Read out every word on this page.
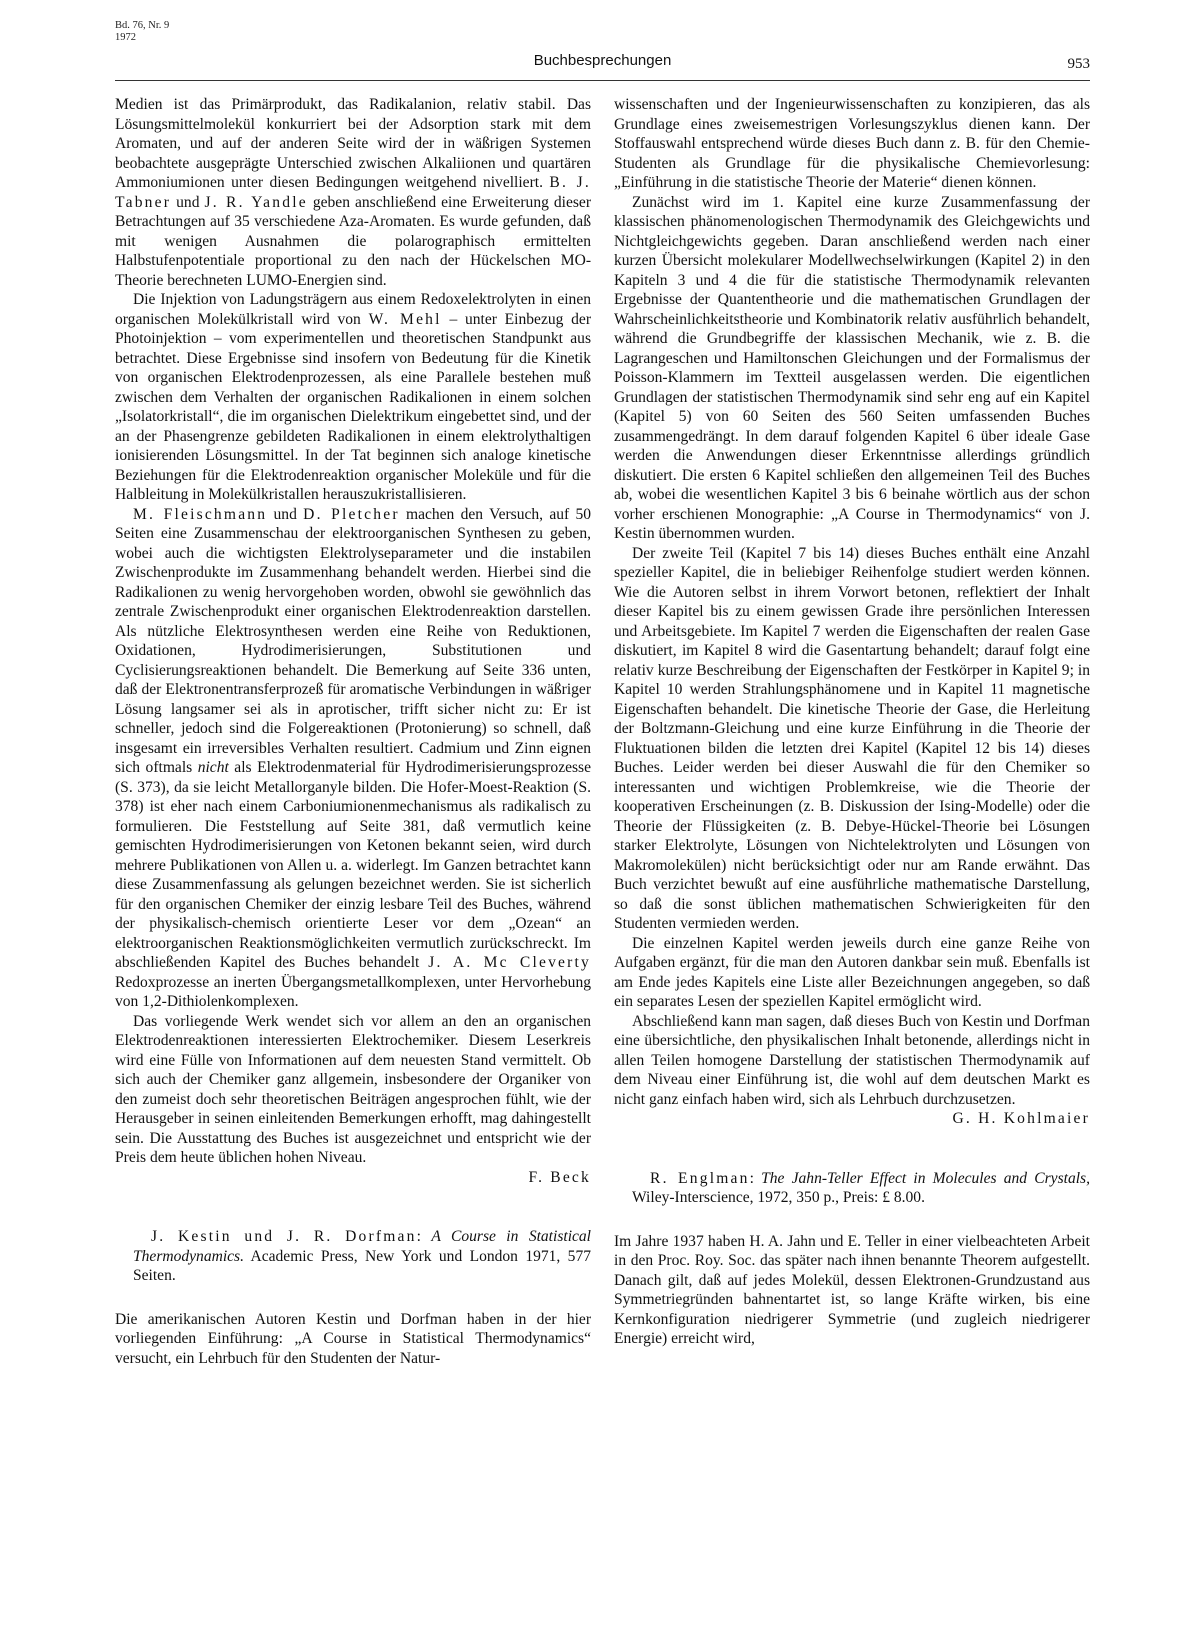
Bd. 76, Nr. 9
1972
Buchbesprechungen	953

Medien ist das Primärprodukt, das Radikalanion, relativ stabil. Das Lösungsmittelmolekül konkurriert bei der Adsorption stark mit dem Aromaten, und auf der anderen Seite wird der in wäßrigen Systemen beobachtete ausgeprägte Unterschied zwischen Alkaliionen und quartären Ammoniumionen unter diesen Bedingungen weitgehend nivelliert. B. J. Tabner und J. R. Yandle geben anschließend eine Erweiterung dieser Betrachtungen auf 35 verschiedene Aza-Aromaten. Es wurde gefunden, daß mit wenigen Ausnahmen die polarographisch ermittelten Halbstufenpotentiale proportional zu den nach der Hückelschen MO-Theorie berechneten LUMO-Energien sind.

Die Injektion von Ladungsträgern aus einem Redoxelektrolyten in einen organischen Molekülkristall wird von W. Mehl – unter Einbezug der Photoinjektion – vom experimentellen und theoretischen Standpunkt aus betrachtet. Diese Ergebnisse sind insofern von Bedeutung für die Kinetik von organischen Elektrodenprozessen, als eine Parallele bestehen muß zwischen dem Verhalten der organischen Radikalionen in einem solchen „Isolatorkristall“, die im organischen Dielektrikum eingebettet sind, und der an der Phasengrenze gebildeten Radikalionen in einem elektrolythaltigen ionisierenden Lösungsmittel. In der Tat beginnen sich analoge kinetische Beziehungen für die Elektrodenreaktion organischer Moleküle und für die Halbleitung in Molekülkristallen herauszukristallisieren.

M. Fleischmann und D. Pletcher machen den Versuch, auf 50 Seiten eine Zusammenschau der elektroorganischen Synthesen zu geben, wobei auch die wichtigsten Elektrolyseparameter und die instabilen Zwischenprodukte im Zusammenhang behandelt werden. Hierbei sind die Radikalionen zu wenig hervorgehoben worden, obwohl sie gewöhnlich das zentrale Zwischenprodukt einer organischen Elektrodenreaktion darstellen. Als nützliche Elektrosynthesen werden eine Reihe von Reduktionen, Oxidationen, Hydrodimerisierungen, Substitutionen und Cyclisierungsreaktionen behandelt. Die Bemerkung auf Seite 336 unten, daß der Elektronentransferprozeß für aromatische Verbindungen in wäßriger Lösung langsamer sei als in aprotischer, trifft sicher nicht zu: Er ist schneller, jedoch sind die Folgereaktionen (Protonierung) so schnell, daß insgesamt ein irreversibles Verhalten resultiert. Cadmium und Zinn eignen sich oftmals nicht als Elektrodenmaterial für Hydrodimerisierungsprozesse (S. 373), da sie leicht Metallorganyle bilden. Die Hofer-Moest-Reaktion (S. 378) ist eher nach einem Carboniumionenmechanismus als radikalisch zu formulieren. Die Feststellung auf Seite 381, daß vermutlich keine gemischten Hydrodimerisierungen von Ketonen bekannt seien, wird durch mehrere Publikationen von Allen u. a. widerlegt. Im Ganzen betrachtet kann diese Zusammenfassung als gelungen bezeichnet werden. Sie ist sicherlich für den organischen Chemiker der einzig lesbare Teil des Buches, während der physikalisch-chemisch orientierte Leser vor dem „Ozean“ an elektroorganischen Reaktionsmöglichkeiten vermutlich zurückschreckt. Im abschließenden Kapitel des Buches behandelt J. A. Mc Cleverty Redoxprozesse an inerten Übergangsmetallkomplexen, unter Hervorhebung von 1,2-Dithiolenkomplexen.

Das vorliegende Werk wendet sich vor allem an den an organischen Elektrodenreaktionen interessierten Elektrochemiker. Diesem Leserkreis wird eine Fülle von Informationen auf dem neuesten Stand vermittelt. Ob sich auch der Chemiker ganz allgemein, insbesondere der Organiker von den zumeist doch sehr theoretischen Beiträgen angesprochen fühlt, wie der Herausgeber in seinen einleitenden Bemerkungen erhofft, mag dahingestellt sein. Die Ausstattung des Buches ist ausgezeichnet und entspricht wie der Preis dem heute üblichen hohen Niveau.

F. Beck

J. Kestin und J. R. Dorfman: A Course in Statistical Thermodynamics. Academic Press, New York und London 1971, 577 Seiten.

Die amerikanischen Autoren Kestin und Dorfman haben in der hier vorliegenden Einführung: „A Course in Statistical Thermodynamics“ versucht, ein Lehrbuch für den Studenten der Natur-

wissenschaften und der Ingenieurwissenschaften zu konzipieren, das als Grundlage eines zweisemestrigen Vorlesungszyklus dienen kann. Der Stoffauswahl entsprechend würde dieses Buch dann z. B. für den Chemie-Studenten als Grundlage für die physikalische Chemievorlesung: „Einführung in die statistische Theorie der Materie“ dienen können.

Zunächst wird im 1. Kapitel eine kurze Zusammenfassung der klassischen phänomenologischen Thermodynamik des Gleichgewichts und Nichtgleichgewichts gegeben. Daran anschließend werden nach einer kurzen Übersicht molekularer Modellwechselwirkungen (Kapitel 2) in den Kapiteln 3 und 4 die für die statistische Thermodynamik relevanten Ergebnisse der Quantentheorie und die mathematischen Grundlagen der Wahrscheinlichkeitstheorie und Kombinatorik relativ ausführlich behandelt, während die Grundbegriffe der klassischen Mechanik, wie z. B. die Lagrangeschen und Hamiltonschen Gleichungen und der Formalismus der Poisson-Klammern im Textteil ausgelassen werden. Die eigentlichen Grundlagen der statistischen Thermodynamik sind sehr eng auf ein Kapitel (Kapitel 5) von 60 Seiten des 560 Seiten umfassenden Buches zusammengedrängt. In dem darauf folgenden Kapitel 6 über ideale Gase werden die Anwendungen dieser Erkenntnisse allerdings gründlich diskutiert. Die ersten 6 Kapitel schließen den allgemeinen Teil des Buches ab, wobei die wesentlichen Kapitel 3 bis 6 beinahe wörtlich aus der schon vorher erschienen Monographie: „A Course in Thermodynamics“ von J. Kestin übernommen wurden.

Der zweite Teil (Kapitel 7 bis 14) dieses Buches enthält eine Anzahl spezieller Kapitel, die in beliebiger Reihenfolge studiert werden können. Wie die Autoren selbst in ihrem Vorwort betonen, reflektiert der Inhalt dieser Kapitel bis zu einem gewissen Grade ihre persönlichen Interessen und Arbeitsgebiete. Im Kapitel 7 werden die Eigenschaften der realen Gase diskutiert, im Kapitel 8 wird die Gasentartung behandelt; darauf folgt eine relativ kurze Beschreibung der Eigenschaften der Festkörper in Kapitel 9; in Kapitel 10 werden Strahlungsphänomene und in Kapitel 11 magnetische Eigenschaften behandelt. Die kinetische Theorie der Gase, die Herleitung der Boltzmann-Gleichung und eine kurze Einführung in die Theorie der Fluktuationen bilden die letzten drei Kapitel (Kapitel 12 bis 14) dieses Buches. Leider werden bei dieser Auswahl die für den Chemiker so interessanten und wichtigen Problemkreise, wie die Theorie der kooperativen Erscheinungen (z. B. Diskussion der Ising-Modelle) oder die Theorie der Flüssigkeiten (z. B. Debye-Hückel-Theorie bei Lösungen starker Elektrolyte, Lösungen von Nichtelektrolyten und Lösungen von Makromolekülen) nicht berücksichtigt oder nur am Rande erwähnt. Das Buch verzichtet bewußt auf eine ausführliche mathematische Darstellung, so daß die sonst üblichen mathematischen Schwierigkeiten für den Studenten vermieden werden.

Die einzelnen Kapitel werden jeweils durch eine ganze Reihe von Aufgaben ergänzt, für die man den Autoren dankbar sein muß. Ebenfalls ist am Ende jedes Kapitels eine Liste aller Bezeichnungen angegeben, so daß ein separates Lesen der speziellen Kapitel ermöglicht wird.

Abschließend kann man sagen, daß dieses Buch von Kestin und Dorfman eine übersichtliche, den physikalischen Inhalt betonende, allerdings nicht in allen Teilen homogene Darstellung der statistischen Thermodynamik auf dem Niveau einer Einführung ist, die wohl auf dem deutschen Markt es nicht ganz einfach haben wird, sich als Lehrbuch durchzusetzen.

G. H. Kohlmaier

R. Englman: The Jahn-Teller Effect in Molecules and Crystals, Wiley-Interscience, 1972, 350 p., Preis: £ 8.00.

Im Jahre 1937 haben H. A. Jahn und E. Teller in einer vielbeachteten Arbeit in den Proc. Roy. Soc. das später nach ihnen benannte Theorem aufgestellt. Danach gilt, daß auf jedes Molekül, dessen Elektronen-Grundzustand aus Symmetriegründen bahnentartet ist, so lange Kräfte wirken, bis eine Kernkonfiguration niedrigerer Symmetrie (und zugleich niedrigerer Energie) erreicht wird,
